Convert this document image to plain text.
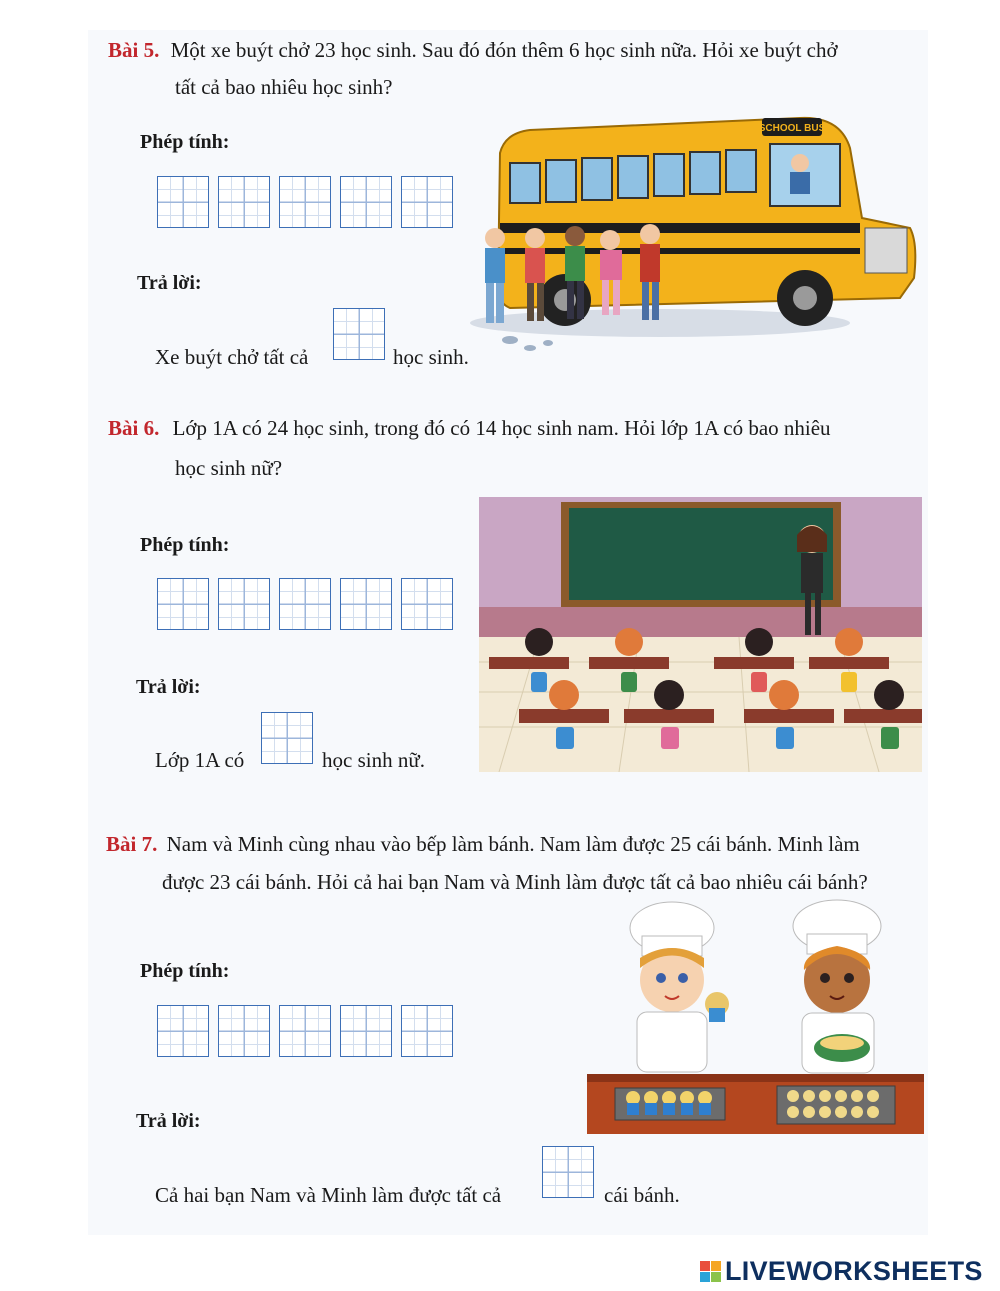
Bài 5. Một xe buýt chở 23 học sinh. Sau đó đón thêm 6 học sinh nữa. Hỏi xe buýt chở
tất cả bao nhiêu học sinh?
Phép tính:
Trả lời:
Xe buýt chở tất cả	học sinh.
SCHOOL BUS
Bài 6. Lớp 1A có 24 học sinh, trong đó có 14 học sinh nam. Hỏi lớp 1A có bao nhiêu
học sinh nữ?
Phép tính:
Trả lời:
Lớp 1A có	học sinh nữ.
Bài 7. Nam và Minh cùng nhau vào bếp làm bánh. Nam làm được 25 cái bánh. Minh làm
được 23 cái bánh. Hỏi cả hai bạn Nam và Minh làm được tất cả bao nhiêu cái bánh?
Phép tính:
Trả lời:
Cả hai bạn Nam và Minh làm được tất cả	cái bánh.
LIVEWORKSHEETS
